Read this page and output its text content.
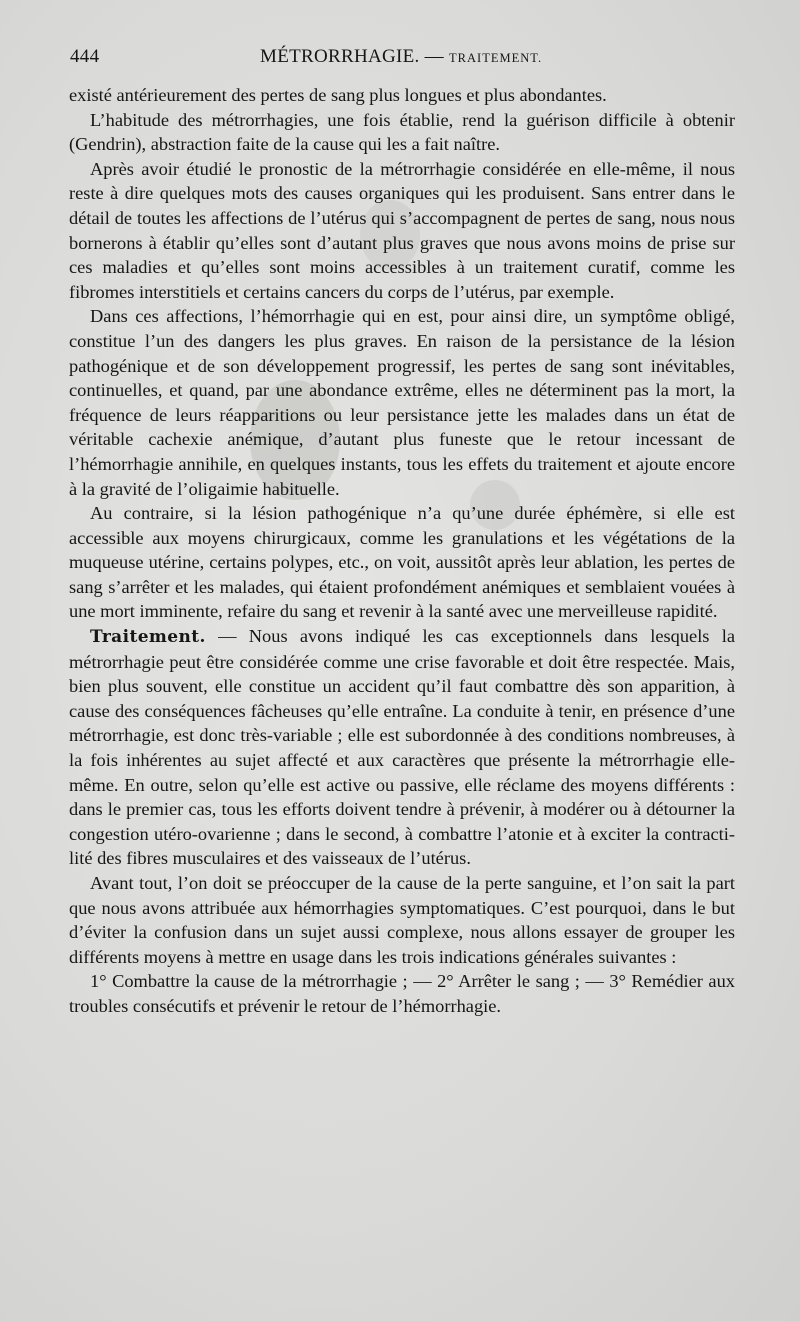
444	MÉTRORRHAGIE. — TRAITEMENT.

existé antérieurement des pertes de sang plus longues et plus abondantes.

L’habitude des métrorrhagies, une fois établie, rend la guérison difficile à obtenir (Gendrin), abstraction faite de la cause qui les a fait naître.

Après avoir étudié le pronostic de la métrorrhagie considérée en elle-même, il nous reste à dire quelques mots des causes organiques qui les produisent. Sans entrer dans le détail de toutes les affections de l’utérus qui s’accompagnent de pertes de sang, nous nous bornerons à établir qu’elles sont d’autant plus graves que nous avons moins de prise sur ces maladies et qu’elles sont moins accessibles à un traitement curatif, comme les fibromes interstitiels et certains cancers du corps de l’utérus, par exemple.

Dans ces affections, l’hémorrhagie qui en est, pour ainsi dire, un symptôme obligé, constitue l’un des dangers les plus graves. En raison de la persistance de la lésion pathogénique et de son développement progressif, les pertes de sang sont inévitables, continuelles, et quand, par une abondance extrême, elles ne déterminent pas la mort, la fréquence de leurs réapparitions ou leur persistance jette les malades dans un état de véritable cachexie anémique, d’autant plus funeste que le retour incessant de l’hémorrhagie annihile, en quelques instants, tous les effets du traitement et ajoute encore à la gravité de l’oligaimie habituelle.

Au contraire, si la lésion pathogénique n’a qu’une durée éphémère, si elle est accessible aux moyens chirurgicaux, comme les granulations et les végétations de la muqueuse utérine, certains polypes, etc., on voit, aussitôt après leur ablation, les pertes de sang s’arrêter et les malades, qui étaient profondément anémiques et semblaient vouées à une mort imminente, refaire du sang et revenir à la santé avec une merveilleuse rapidité.

Traitement. — Nous avons indiqué les cas exceptionnels dans lesquels la métrorrhagie peut être considérée comme une crise favorable et doit être respectée. Mais, bien plus souvent, elle constitue un accident qu’il faut combattre dès son apparition, à cause des conséquences fâcheuses qu’elle entraîne. La conduite à tenir, en présence d’une métrorrhagie, est donc très-variable ; elle est subordonnée à des conditions nombreuses, à la fois inhérentes au sujet affecté et aux caractères que présente la métrorrhagie elle-même. En outre, selon qu’elle est active ou passive, elle réclame des moyens différents : dans le premier cas, tous les efforts doivent tendre à prévenir, à modérer ou à détourner la congestion utéro-ovarienne ; dans le second, à combattre l’atonie et à exciter la contractilité des fibres musculaires et des vaisseaux de l’utérus.

Avant tout, l’on doit se préoccuper de la cause de la perte sanguine, et l’on sait la part que nous avons attribuée aux hémorrhagies symptomatiques. C’est pourquoi, dans le but d’éviter la confusion dans un sujet aussi complexe, nous allons essayer de grouper les différents moyens à mettre en usage dans les trois indications générales suivantes :

1° Combattre la cause de la métrorrhagie ; — 2° Arrêter le sang ; — 3° Remédier aux troubles consécutifs et prévenir le retour de l’hémorrhagie.
